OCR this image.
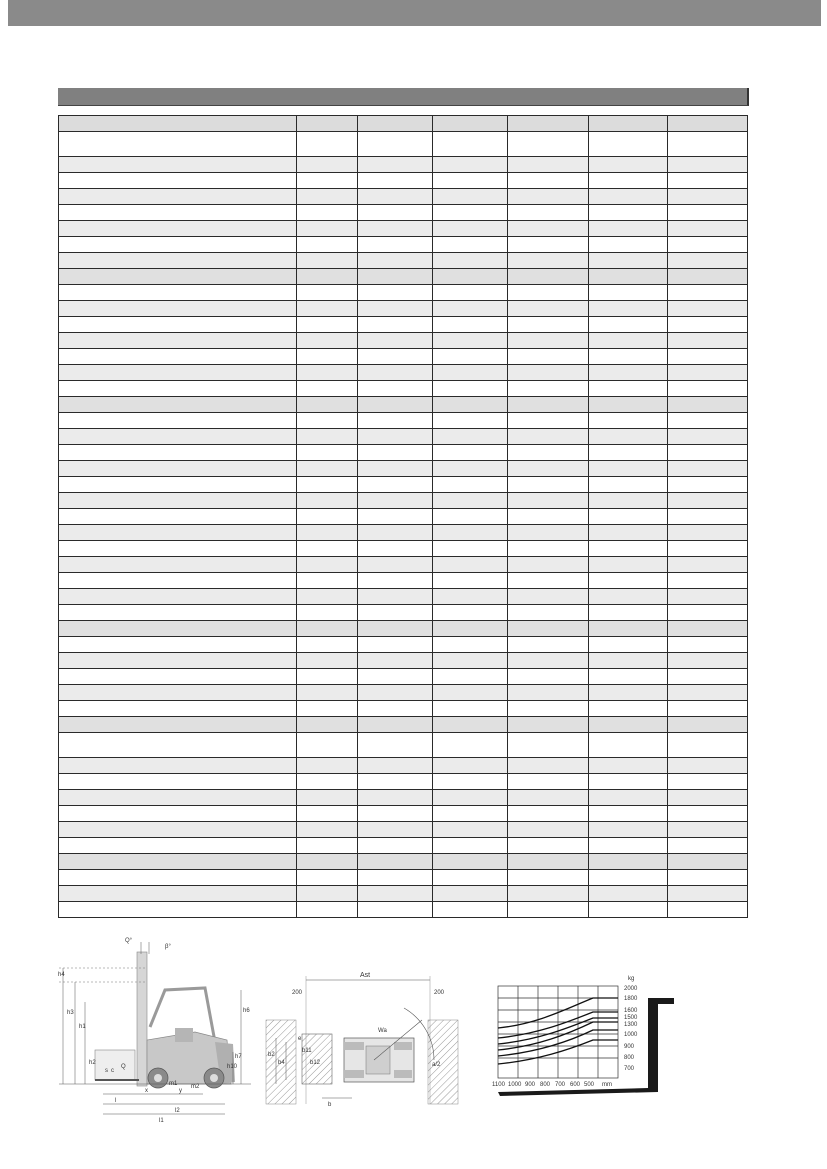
Q°
β°
h4
h3
h1
h6
h2
h7
h10
s c
Q
m1 m2
x	y
l
l2
l1
Ast
200	200
Wa
a/2
b2
b4
e
b11
b12
b
kg
2000
1800
1600
1500
1300
1000
900
800
700
1100 1000 900 800 700 600 500 mm
